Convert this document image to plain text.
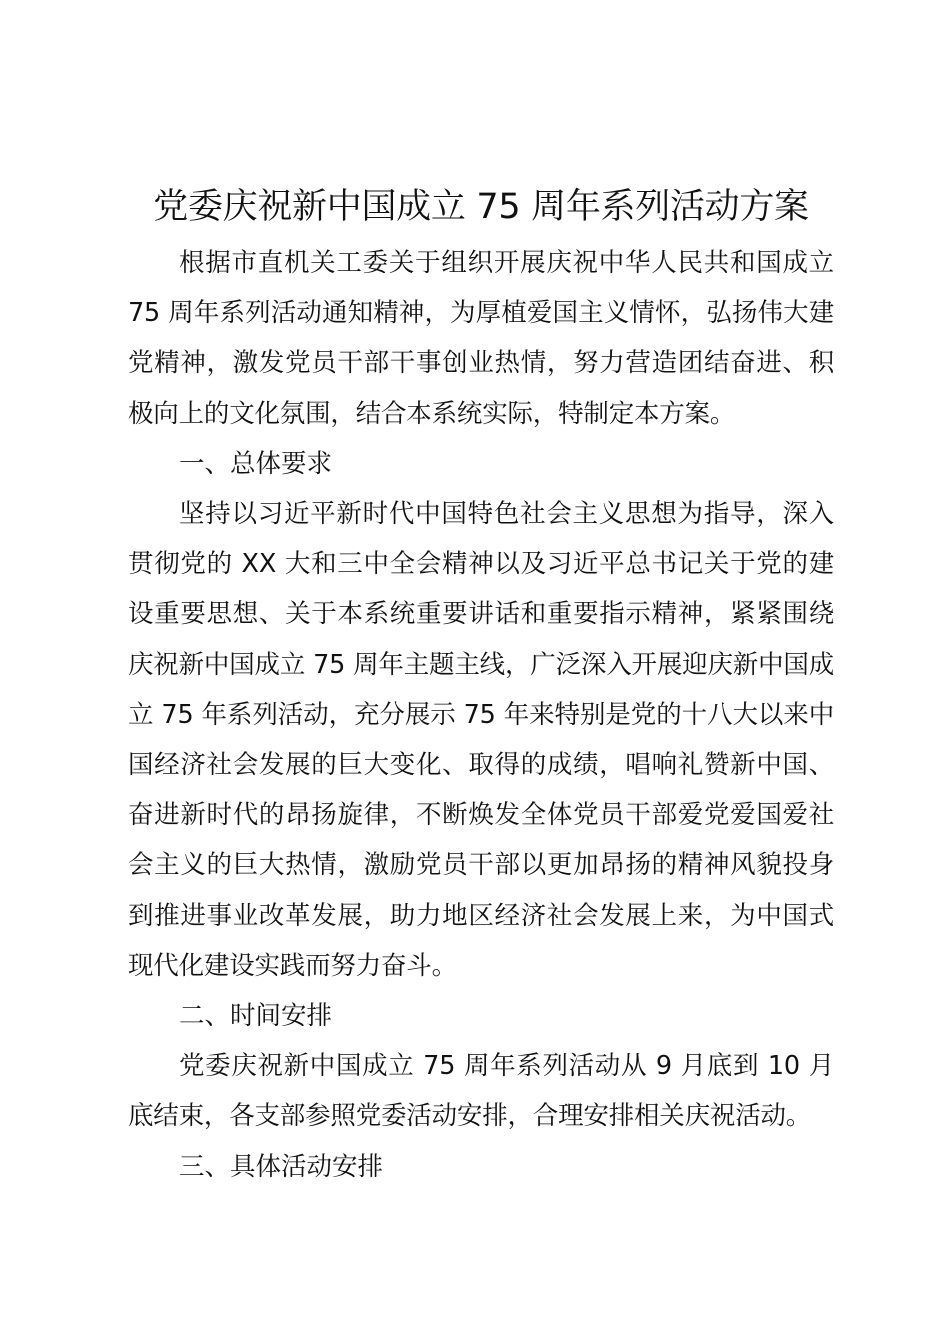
党委庆祝新中国成立 75 周年系列活动方案

根据市直机关工委关于组织开展庆祝中华人民共和国成立 75 周年系列活动通知精神，为厚植爱国主义情怀，弘扬伟大建党精神，激发党员干部干事创业热情，努力营造团结奋进、积极向上的文化氛围，结合本系统实际，特制定本方案。

一、总体要求

坚持以习近平新时代中国特色社会主义思想为指导，深入贯彻党的 XX 大和三中全会精神以及习近平总书记关于党的建设重要思想、关于本系统重要讲话和重要指示精神，紧紧围绕庆祝新中国成立 75 周年主题主线，广泛深入开展迎庆新中国成立 75 年系列活动，充分展示 75 年来特别是党的十八大以来中国经济社会发展的巨大变化、取得的成绩，唱响礼赞新中国、奋进新时代的昂扬旋律，不断焕发全体党员干部爱党爱国爱社会主义的巨大热情，激励党员干部以更加昂扬的精神风貌投身到推进事业改革发展，助力地区经济社会发展上来，为中国式现代化建设实践而努力奋斗。

二、时间安排

党委庆祝新中国成立 75 周年系列活动从 9 月底到 10 月底结束，各支部参照党委活动安排，合理安排相关庆祝活动。

三、具体活动安排
